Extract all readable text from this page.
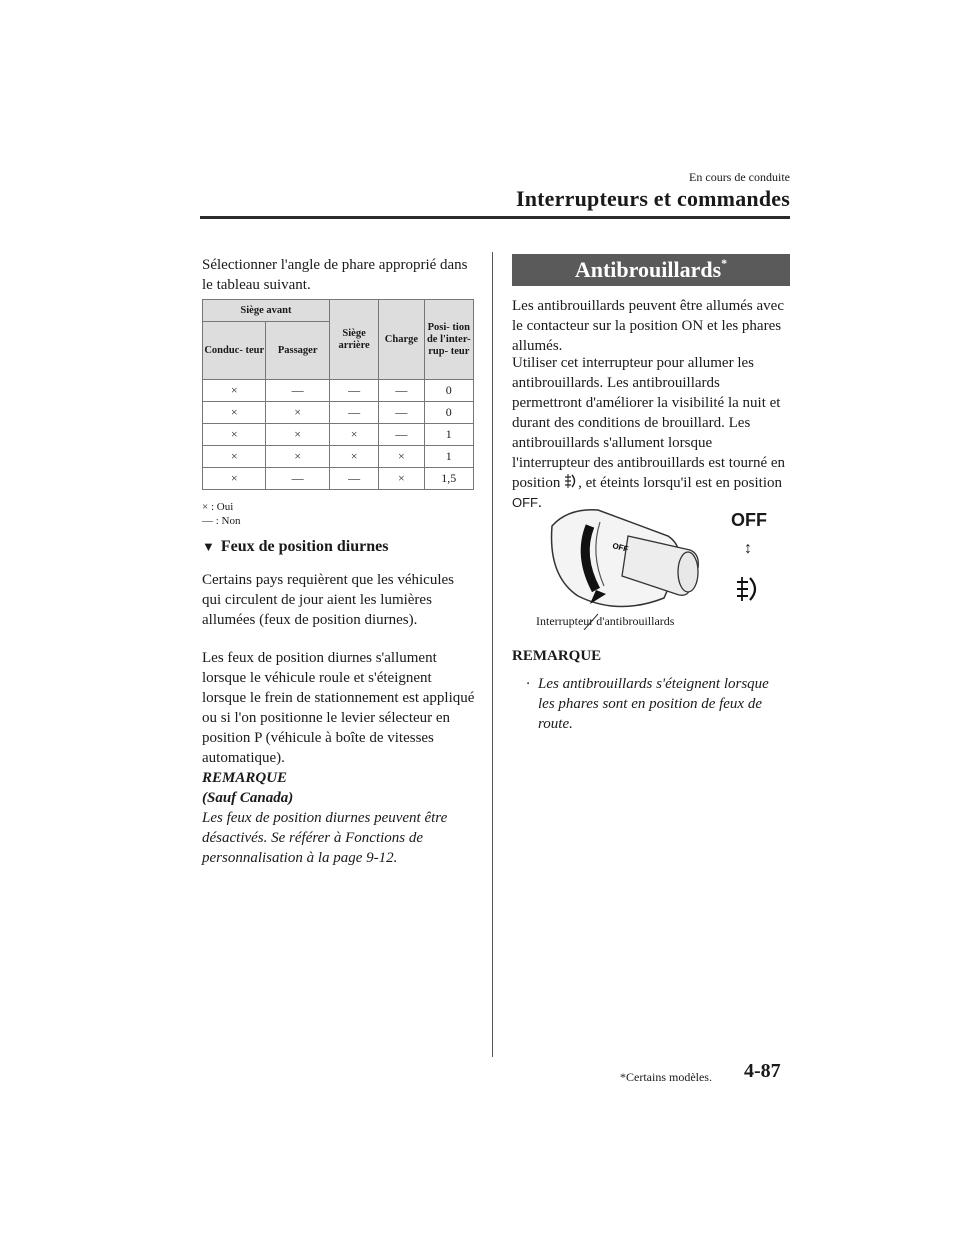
En cours de conduite
Interrupteurs et commandes

Sélectionner l'angle de phare approprié dans le tableau suivant.

Siège avant		Siège arrière	Charge	Posi- tion de l'inter- rup- teur
Conduc- teur	Passager			
×	—	—	—	0
×	×	—	—	0
×	×	×	—	1
×	×	×	×	1
×	—	—	×	1,5
× : Oui
— : Non
▼ Feux de position diurnes

Certains pays requièrent que les véhicules qui circulent de jour aient les lumières allumées (feux de position diurnes).

Les feux de position diurnes s'allument lorsque le véhicule roule et s'éteignent lorsque le frein de stationnement est appliqué ou si l'on positionne le levier sélecteur en position P (véhicule à boîte de vitesses automatique).

REMARQUE
(Sauf Canada)

Les feux de position diurnes peuvent être désactivés. Se référer à Fonctions de personnalisation à la page 9-12.

Antibrouillards*

Les antibrouillards peuvent être allumés avec le contacteur sur la position ON et les phares allumés.

Utiliser cet interrupteur pour allumer les antibrouillards. Les antibrouillards permettront d'améliorer la visibilité la nuit et durant des conditions de brouillard. Les antibrouillards s'allument lorsque l'interrupteur des antibrouillards est tourné en position , et éteints lorsqu'il est en position OFF.

OFF
OFF
↕
Interrupteur d'antibrouillards
REMARQUE
· Les antibrouillards s'éteignent lorsque les phares sont en position de feux de route.
*Certains modèles. 4-87
